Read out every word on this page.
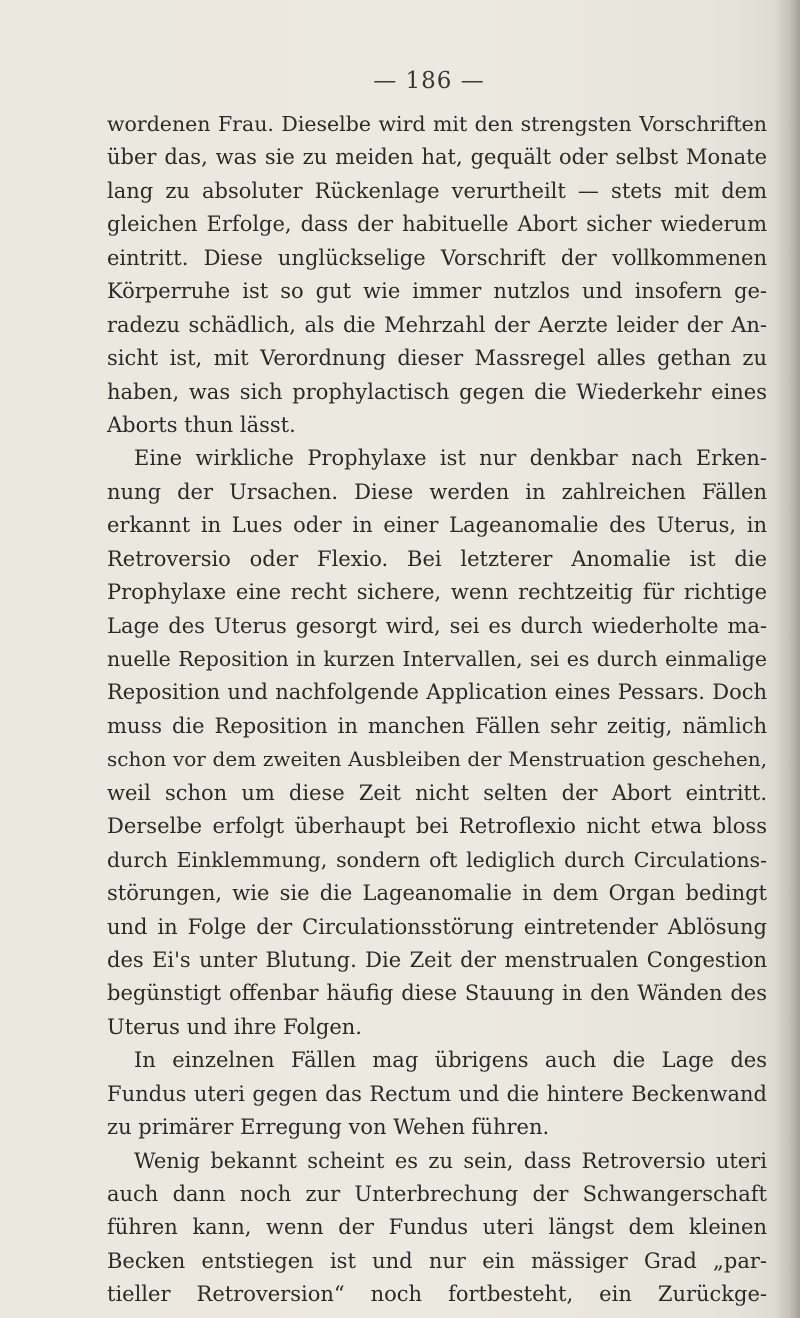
— 186 —
wordenen Frau. Dieselbe wird mit den strengsten Vorschriften
über das, was sie zu meiden hat, gequält oder selbst Monate
lang zu absoluter Rückenlage verurtheilt — stets mit dem
gleichen Erfolge, dass der habituelle Abort sicher wiederum
eintritt. Diese unglückselige Vorschrift der vollkommenen
Körperruhe ist so gut wie immer nutzlos und insofern ge-
radezu schädlich, als die Mehrzahl der Aerzte leider der An-
sicht ist, mit Verordnung dieser Massregel alles gethan zu
haben, was sich prophylactisch gegen die Wiederkehr eines
Aborts thun lässt.
Eine wirkliche Prophylaxe ist nur denkbar nach Erken-
nung der Ursachen. Diese werden in zahlreichen Fällen
erkannt in Lues oder in einer Lageanomalie des Uterus, in
Retroversio oder Flexio. Bei letzterer Anomalie ist die
Prophylaxe eine recht sichere, wenn rechtzeitig für richtige
Lage des Uterus gesorgt wird, sei es durch wiederholte ma-
nuelle Reposition in kurzen Intervallen, sei es durch einmalige
Reposition und nachfolgende Application eines Pessars. Doch
muss die Reposition in manchen Fällen sehr zeitig, nämlich
schon vor dem zweiten Ausbleiben der Menstruation geschehen,
weil schon um diese Zeit nicht selten der Abort eintritt.
Derselbe erfolgt überhaupt bei Retroflexio nicht etwa bloss
durch Einklemmung, sondern oft lediglich durch Circulations-
störungen, wie sie die Lageanomalie in dem Organ bedingt
und in Folge der Circulationsstörung eintretender Ablösung
des Ei's unter Blutung. Die Zeit der menstrualen Congestion
begünstigt offenbar häufig diese Stauung in den Wänden des
Uterus und ihre Folgen.
In einzelnen Fällen mag übrigens auch die Lage des
Fundus uteri gegen das Rectum und die hintere Beckenwand
zu primärer Erregung von Wehen führen.
Wenig bekannt scheint es zu sein, dass Retroversio uteri
auch dann noch zur Unterbrechung der Schwangerschaft
führen kann, wenn der Fundus uteri längst dem kleinen
Becken entstiegen ist und nur ein mässiger Grad „par-
tieller Retroversion“ noch fortbesteht, ein Zurückge-
